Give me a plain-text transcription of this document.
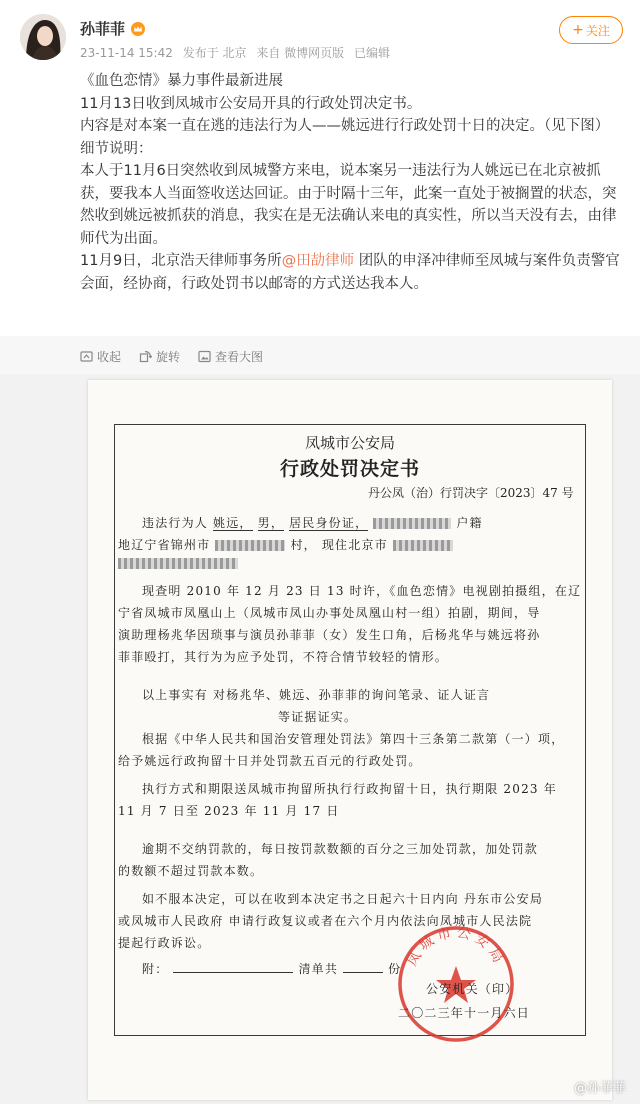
孙菲菲
23-11-14 15:42 发布于 北京 来自 微博网页版 已编辑
+ 关注

《血色恋情》暴力事件最新进展

11月13日收到凤城市公安局开具的行政处罚决定书。

内容是对本案一直在逃的违法行为人——姚远进行行政处罚十日的决定。（见下图）

细节说明：

本人于11月6日突然收到凤城警方来电，说本案另一违法行为人姚远已在北京被抓获，要我本人当面签收送达回证。由于时隔十三年，此案一直处于被搁置的状态，突然收到姚远被抓获的消息，我实在是无法确认来电的真实性，所以当天没有去，由律师代为出面。

11月9日，北京浩天律师事务所@田劼律师 团队的申泽冲律师至凤城与案件负责警官会面，经协商，行政处罚书以邮寄的方式送达我本人。

收起	旋转	查看大图
凤城市公安局
行政处罚决定书
丹公凤（治）行罚决字〔2023〕47 号
违法行为人 姚远， 男， 居民身份证，	户籍
地辽宁省锦州市	村， 现住北京市
现查明 2010 年 12 月 23 日 13 时许，《血色恋情》电视剧拍摄组，在辽
宁省凤城市凤凰山上（凤城市凤山办事处凤凰山村一组）拍剧，期间，导
演助理杨兆华因琐事与演员孙菲菲（女）发生口角，后杨兆华与姚远将孙
菲菲殴打，其行为为应予处罚，不符合情节较轻的情形。
以上事实有 对杨兆华、姚远、孙菲菲的询问笔录、证人证言
等证据证实。
根据《中华人民共和国治安管理处罚法》第四十三条第二款第（一）项，
给予姚远行政拘留十日并处罚款五百元的行政处罚。
执行方式和期限送凤城市拘留所执行行政拘留十日，执行期限 2023 年
11 月 7 日至 2023 年 11 月 17 日
逾期不交纳罚款的，每日按罚款数额的百分之三加处罚款，加处罚款
的数额不超过罚款本数。
如不服本决定，可以在收到本决定书之日起六十日内向 丹东市公安局
或凤城市人民政府 申请行政复议或者在六个月内依法向凤城市人民法院
提起行政诉讼。
附：	清单共	份 凤城市公安局
公安机关（印）
二〇二三年十一月六日
@孙菲菲
